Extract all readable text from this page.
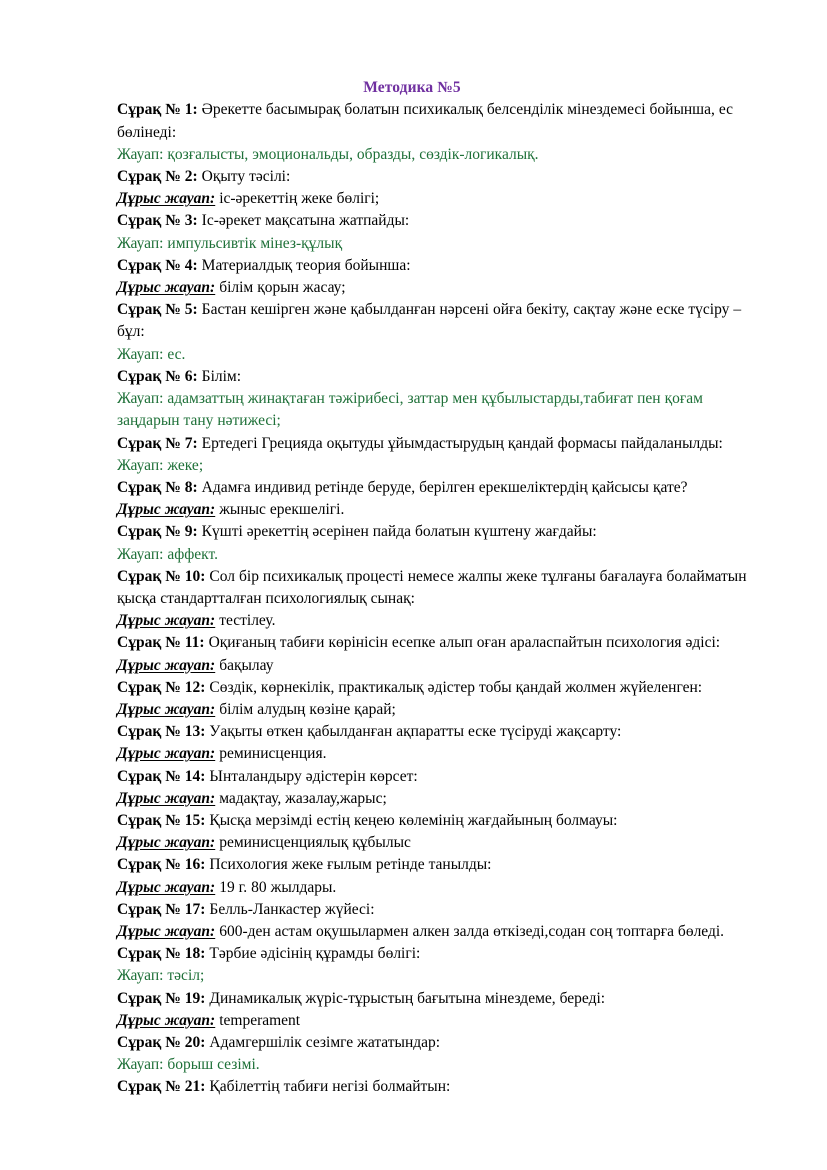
Методика №5

Сұрақ № 1: Әрекетте басымырақ болатын психикалық белсенділік мінездемесі бойынша, ес бөлінеді:

Жауап: қозғалысты, эмоциональды, образды, сөздік-логикалық.

Сұрақ № 2: Оқыту тәсілі:

Дұрыс жауап: іс-әрекеттің жеке бөлігі;

Сұрақ № 3: Іс-әрекет мақсатына жатпайды:

Жауап: импульсивтік мінез-құлық

Сұрақ № 4: Материалдық теория бойынша:

Дұрыс жауап: білім қорын жасау;

Сұрақ № 5: Бастан кешірген және қабылданған нәрсені ойға бекіту, сақтау және еске түсіру – бұл:

Жауап: ес.

Сұрақ № 6: Білім:

Жауап: адамзаттың жинақтаған тәжірибесі, заттар мен құбылыстарды,табиғат пен қоғам заңдарын тану нәтижесі;

Сұрақ № 7: Ертедегі Грецияда оқытуды ұйымдастырудың қандай формасы пайдаланылды:

Жауап: жеке;

Сұрақ № 8: Адамға индивид ретінде беруде, берілген ерекшеліктердің қайсысы қате?

Дұрыс жауап: жыныс ерекшелігі.

Сұрақ № 9: Күшті әрекеттің әсерінен пайда болатын күштену жағдайы:

Жауап: аффект.

Сұрақ № 10: Сол бір психикалық процесті немесе жалпы жеке тұлғаны бағалауға болайматын қысқа стандартталған психологиялық сынақ:

Дұрыс жауап: тестілеу.

Сұрақ № 11: Оқиғаның табиғи көрінісін есепке алып оған араласпайтын психология әдісі:

Дұрыс жауап: бақылау

Сұрақ № 12: Сөздік, көрнекілік, практикалық әдістер тобы қандай жолмен жүйеленген:

Дұрыс жауап: білім алудың көзіне қарай;

Сұрақ № 13: Уақыты өткен қабылданған ақпаратты еске түсіруді жақсарту:

Дұрыс жауап: реминисценция.

Сұрақ № 14: Ынталандыру әдістерін көрсет:

Дұрыс жауап: мадақтау, жазалау,жарыс;

Сұрақ № 15: Қысқа мерзімді естің кеңею көлемінің жағдайының болмауы:

Дұрыс жауап: реминисценциялық құбылыс

Сұрақ № 16: Психология жеке ғылым ретінде танылды:

Дұрыс жауап: 19 г. 80 жылдары.

Сұрақ № 17: Белль-Ланкастер жүйесі:

Дұрыс жауап: 600-ден астам оқушылармен алкен залда өткізеді,содан соң топтарға бөледі.

Сұрақ № 18: Тәрбие әдісінің құрамды бөлігі:

Жауап: тәсіл;

Сұрақ № 19: Динамикалық жүріс-тұрыстың бағытына мінездеме, береді:

Дұрыс жауап: temperament

Сұрақ № 20: Адамгершілік сезімге жататындар:

Жауап: борыш сезімі.

Сұрақ № 21: Қабілеттің табиғи негізі болмайтын:
